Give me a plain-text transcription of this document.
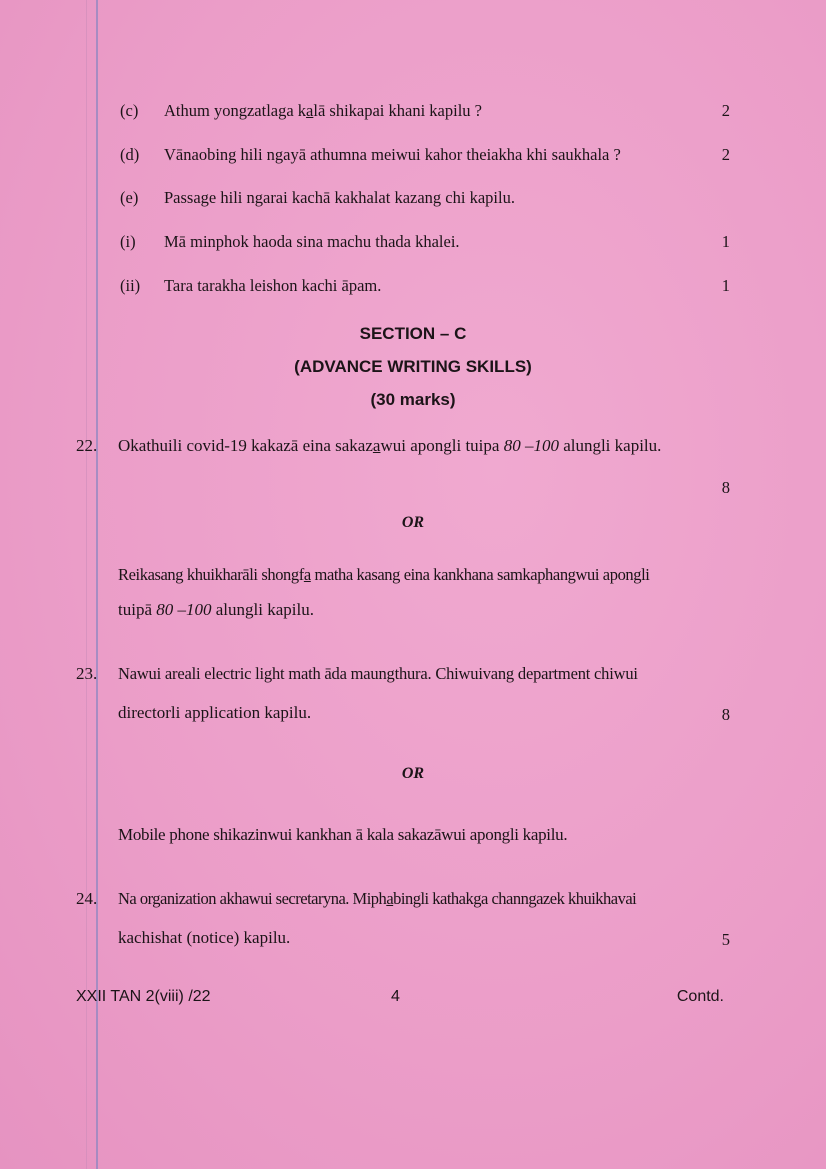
(c) Athum yongzatlaga kalā shikapai khani kapilu ?	2
(d) Vānaobing hili ngayā athumna meiwui kahor theiakha khi saukhala ?	2
(e) Passage hili ngarai kachā kakhalat kazang chi kapilu.
(i) Mā minphok haoda sina machu thada khalei.	1
(ii) Tara tarakha leishon kachi āpam.	1
SECTION – C
(ADVANCE WRITING SKILLS)
(30 marks)
22. Okathuili covid-19 kakazā eina sakazawui apongli tuipa 80 –100 alungli kapilu.
8
OR
Reikasang khuikharāli shongfa matha kasang eina kankhana samkaphangwui apongli
tuipā 80 –100 alungli kapilu.
23. Nawui areali electric light math āda maungthura. Chiwuivang department chiwui
directorli application kapilu.	8
OR
Mobile phone shikazinwui kankhan ā kala sakazāwui apongli kapilu.
24. Na organization akhawui secretaryna. Miphabingli kathakga channgazek khuikhavai
kachishat (notice) kapilu.	5
XXII TAN 2(viii) /22	4	Contd.
